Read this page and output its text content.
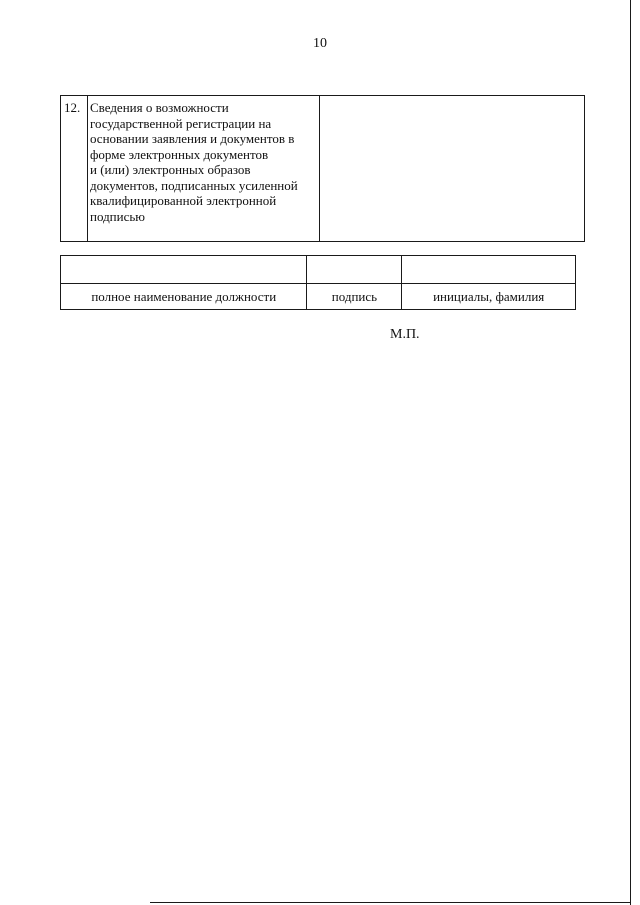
10
12.	Сведения о возможности
государственной регистрации на
основании заявления и документов в
форме электронных документов
и (или) электронных образов
документов, подписанных усиленной
квалифицированной электронной
подписью

полное наименование должности	подпись	инициалы, фамилия
М.П.
